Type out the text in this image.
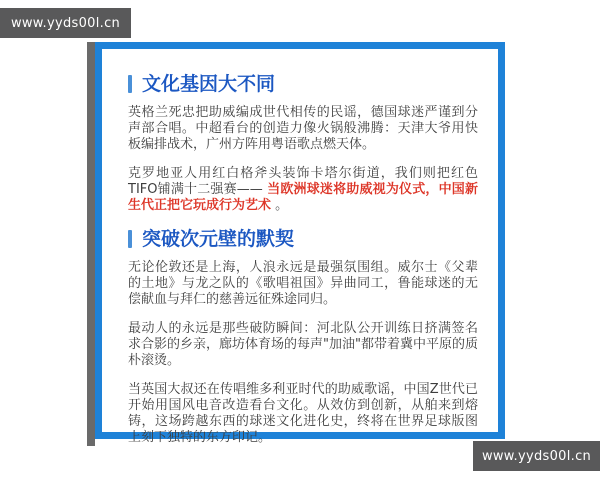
www.yyds00l.cn
文化基因大不同

英格兰死忠把助威编成世代相传的民谣，德国球迷严谨到分声部合唱。中超看台的创造力像火锅般沸腾：天津大爷用快板编排战术，广州方阵用粤语歌点燃天体。

克罗地亚人用红白格斧头装饰卡塔尔街道，我们则把红色TIFO铺满十二强赛—— 当欧洲球迷将助威视为仪式，中国新生代正把它玩成行为艺术 。

突破次元壁的默契

无论伦敦还是上海，人浪永远是最强氛围组。威尔士《父辈的土地》与龙之队的《歌唱祖国》异曲同工，鲁能球迷的无偿献血与拜仁的慈善远征殊途同归。

最动人的永远是那些破防瞬间：河北队公开训练日挤满签名求合影的乡亲，廊坊体育场的每声"加油"都带着冀中平原的质朴滚烫。

当英国大叔还在传唱维多利亚时代的助威歌谣，中国Z世代已开始用国风电音改造看台文化。从效仿到创新，从舶来到熔铸，这场跨越东西的球迷文化进化史，终将在世界足球版图上刻下独特的东方印记。

www.yyds00l.cn
